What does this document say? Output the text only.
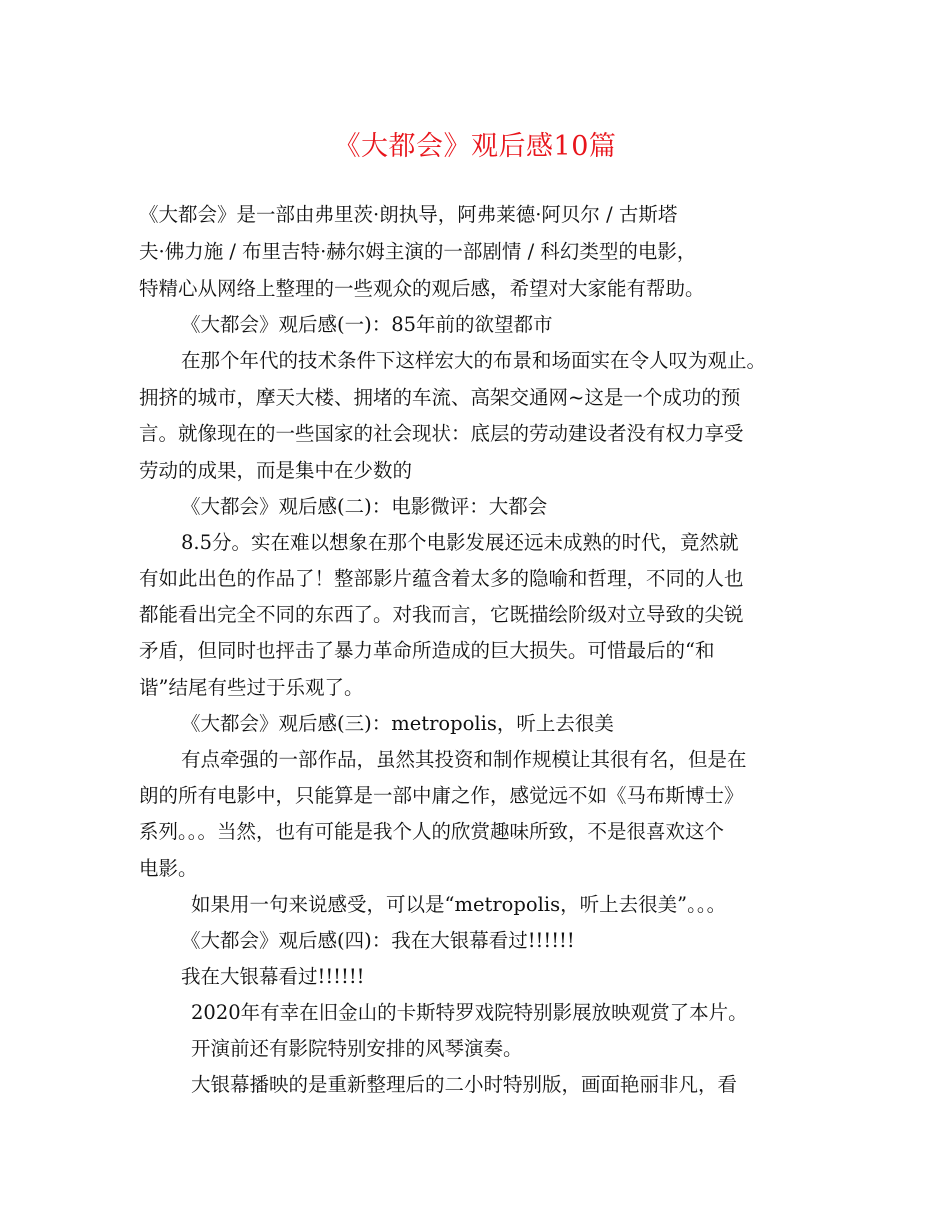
《大都会》观后感10篇
《大都会》是一部由弗里茨·朗执导，阿弗莱德·阿贝尔 / 古斯塔
夫·佛力施 / 布里吉特·赫尔姆主演的一部剧情 / 科幻类型的电影，
特精心从网络上整理的一些观众的观后感，希望对大家能有帮助。
《大都会》观后感(一)：85年前的欲望都市
在那个年代的技术条件下这样宏大的布景和场面实在令人叹为观止。
拥挤的城市，摩天大楼、拥堵的车流、高架交通网~这是一个成功的预
言。就像现在的一些国家的社会现状：底层的劳动建设者没有权力享受
劳动的成果，而是集中在少数的
《大都会》观后感(二)：电影微评：大都会
8.5分。实在难以想象在那个电影发展还远未成熟的时代，竟然就
有如此出色的作品了！整部影片蕴含着太多的隐喻和哲理，不同的人也
都能看出完全不同的东西了。对我而言，它既描绘阶级对立导致的尖锐
矛盾，但同时也抨击了暴力革命所造成的巨大损失。可惜最后的“和
谐”结尾有些过于乐观了。
《大都会》观后感(三)：metropolis，听上去很美
有点牵强的一部作品，虽然其投资和制作规模让其很有名，但是在
朗的所有电影中，只能算是一部中庸之作，感觉远不如《马布斯博士》
系列。。。当然，也有可能是我个人的欣赏趣味所致，不是很喜欢这个
电影。
如果用一句来说感受，可以是“metropolis，听上去很美”。。。
《大都会》观后感(四)：我在大银幕看过!!!!!!
我在大银幕看过!!!!!!
2020年有幸在旧金山的卡斯特罗戏院特别影展放映观赏了本片。
开演前还有影院特别安排的风琴演奏。
大银幕播映的是重新整理后的二小时特别版，画面艳丽非凡，看
